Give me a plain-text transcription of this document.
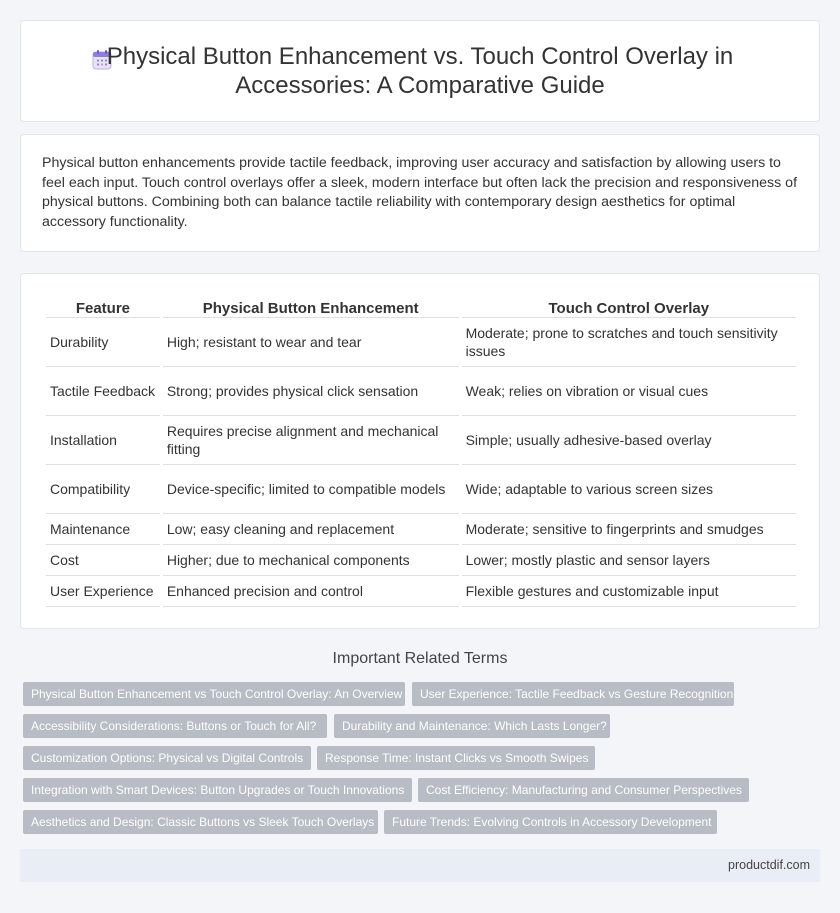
Physical Button Enhancement vs. Touch Control Overlay in Accessories: A Comparative Guide

Physical button enhancements provide tactile feedback, improving user accuracy and satisfaction by allowing users to feel each input. Touch control overlays offer a sleek, modern interface but often lack the precision and responsiveness of physical buttons. Combining both can balance tactile reliability with contemporary design aesthetics for optimal accessory functionality.

Feature	Physical Button Enhancement	Touch Control Overlay
Durability	High; resistant to wear and tear	Moderate; prone to scratches and touch sensitivity issues
Tactile Feedback	Strong; provides physical click sensation	Weak; relies on vibration or visual cues
Installation	Requires precise alignment and mechanical fitting	Simple; usually adhesive-based overlay
Compatibility	Device-specific; limited to compatible models	Wide; adaptable to various screen sizes
Maintenance	Low; easy cleaning and replacement	Moderate; sensitive to fingerprints and smudges
Cost	Higher; due to mechanical components	Lower; mostly plastic and sensor layers
User Experience	Enhanced precision and control	Flexible gestures and customizable input
Important Related Terms
Physical Button Enhancement vs Touch Control Overlay: An Overview	User Experience: Tactile Feedback vs Gesture Recognition
Accessibility Considerations: Buttons or Touch for All?	Durability and Maintenance: Which Lasts Longer?
Customization Options: Physical vs Digital Controls	Response Time: Instant Clicks vs Smooth Swipes
Integration with Smart Devices: Button Upgrades or Touch Innovations	Cost Efficiency: Manufacturing and Consumer Perspectives
Aesthetics and Design: Classic Buttons vs Sleek Touch Overlays	Future Trends: Evolving Controls in Accessory Development
productdif.com
